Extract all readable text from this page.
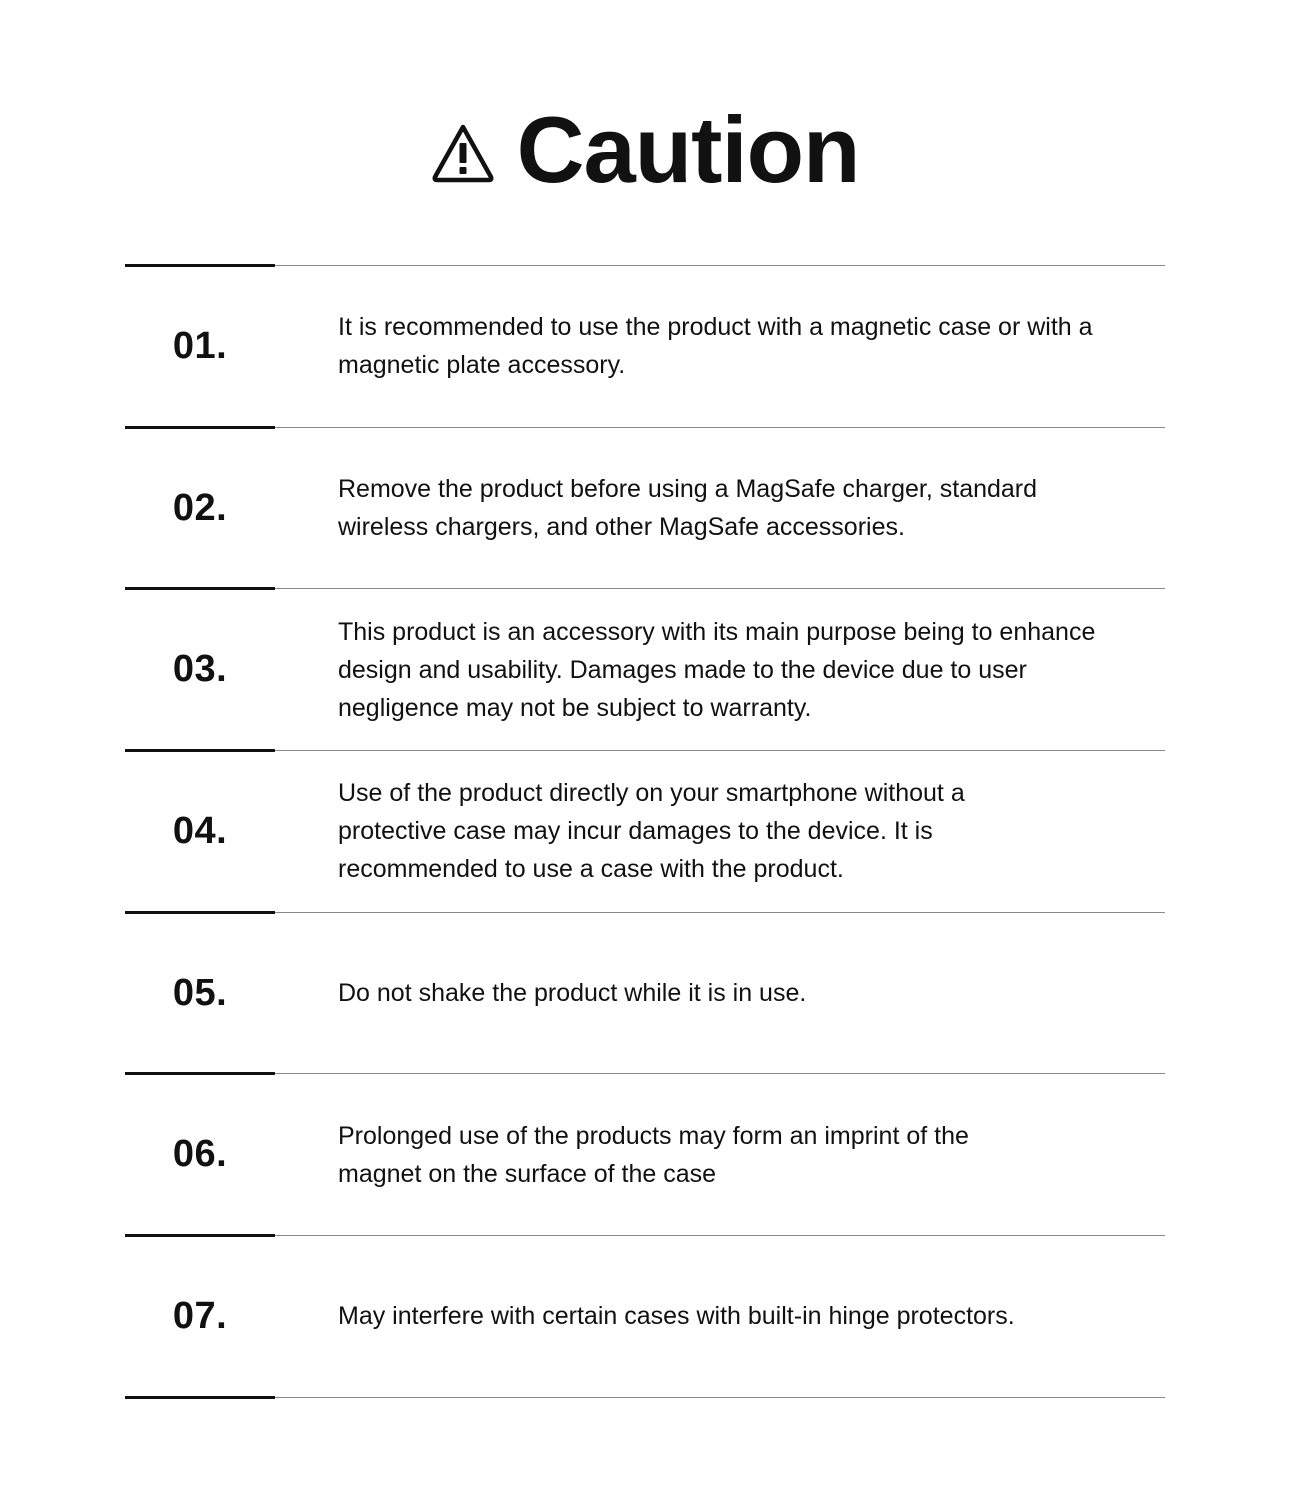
Caution
01.	It is recommended to use the product with a magnetic case or with a magnetic plate accessory.
02.	Remove the product before using a MagSafe charger, standard wireless chargers, and other MagSafe accessories.
03.
This product is an accessory with its main purpose being to enhance design and usability. Damages made to the device due to user negligence may not be subject to warranty.
04.
Use of the product directly on your smartphone without a protective case may incur damages to the device. It is recommended to use a case with the product.
05.	Do not shake the product while it is in use.
06.	Prolonged use of the products may form an imprint of the magnet on the surface of the case
07.	May interfere with certain cases with built-in hinge protectors.
